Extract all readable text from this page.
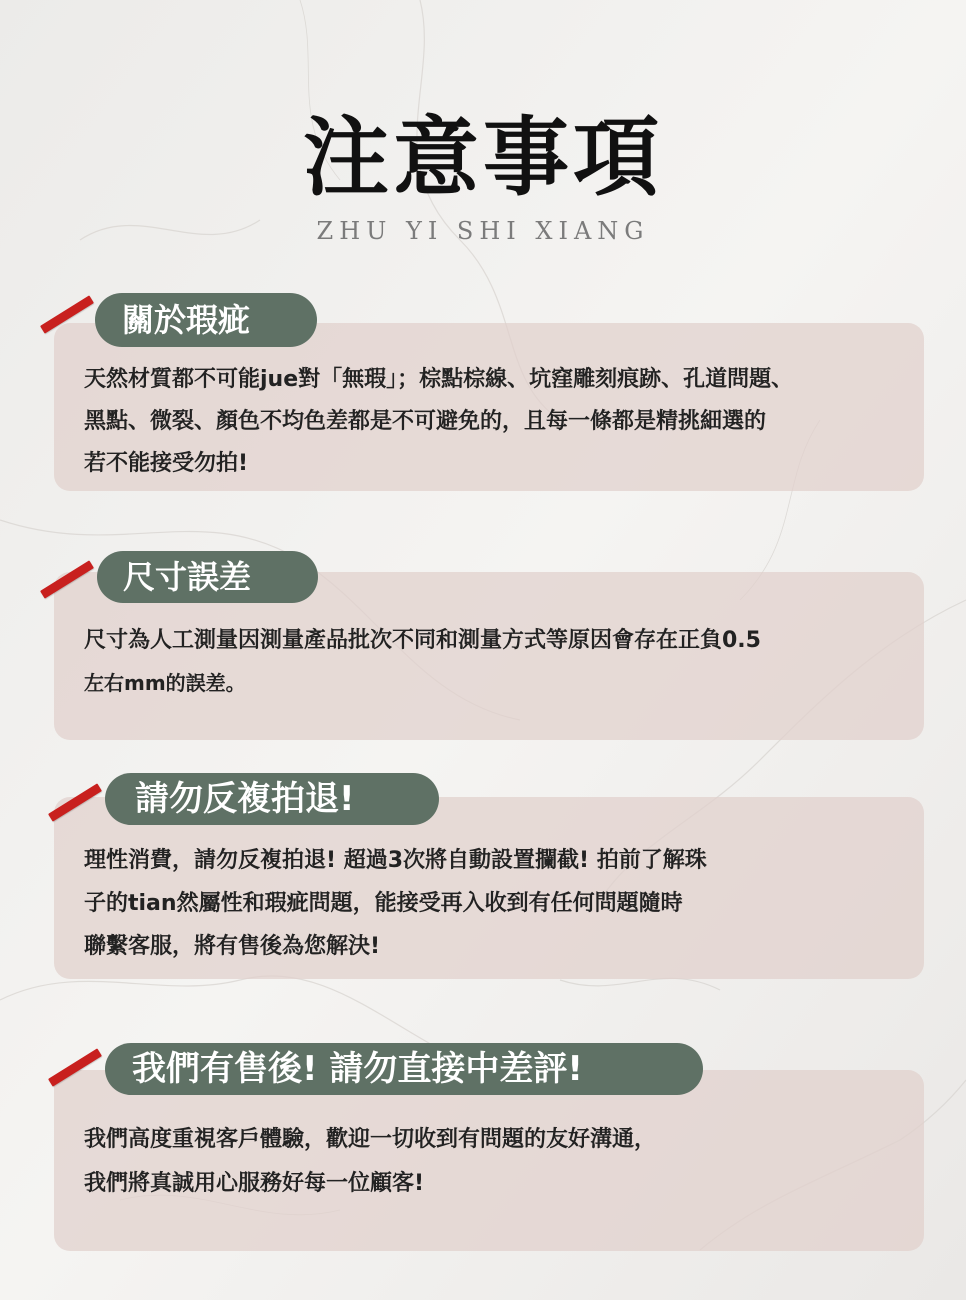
注意事項
ZHU YI SHI XIANG
天然材質都不可能jue對「無瑕」；棕點棕線、坑窪雕刻痕跡、孔道問題、
黑點、微裂、顏色不均色差都是不可避免的，且每一條都是精挑細選的
若不能接受勿拍!
關於瑕疵
尺寸為人工測量因測量產品批次不同和測量方式等原因會存在正負0.5
左右mm的誤差。
尺寸誤差
理性消費，請勿反複拍退! 超過3次將自動設置攔截! 拍前了解珠
子的tian然屬性和瑕疵問題，能接受再入收到有任何問題隨時
聯繫客服，將有售後為您解決!
請勿反複拍退!
我們高度重視客戶體驗，歡迎一切收到有問題的友好溝通，
我們將真誠用心服務好每一位顧客!
我們有售後! 請勿直接中差評!
